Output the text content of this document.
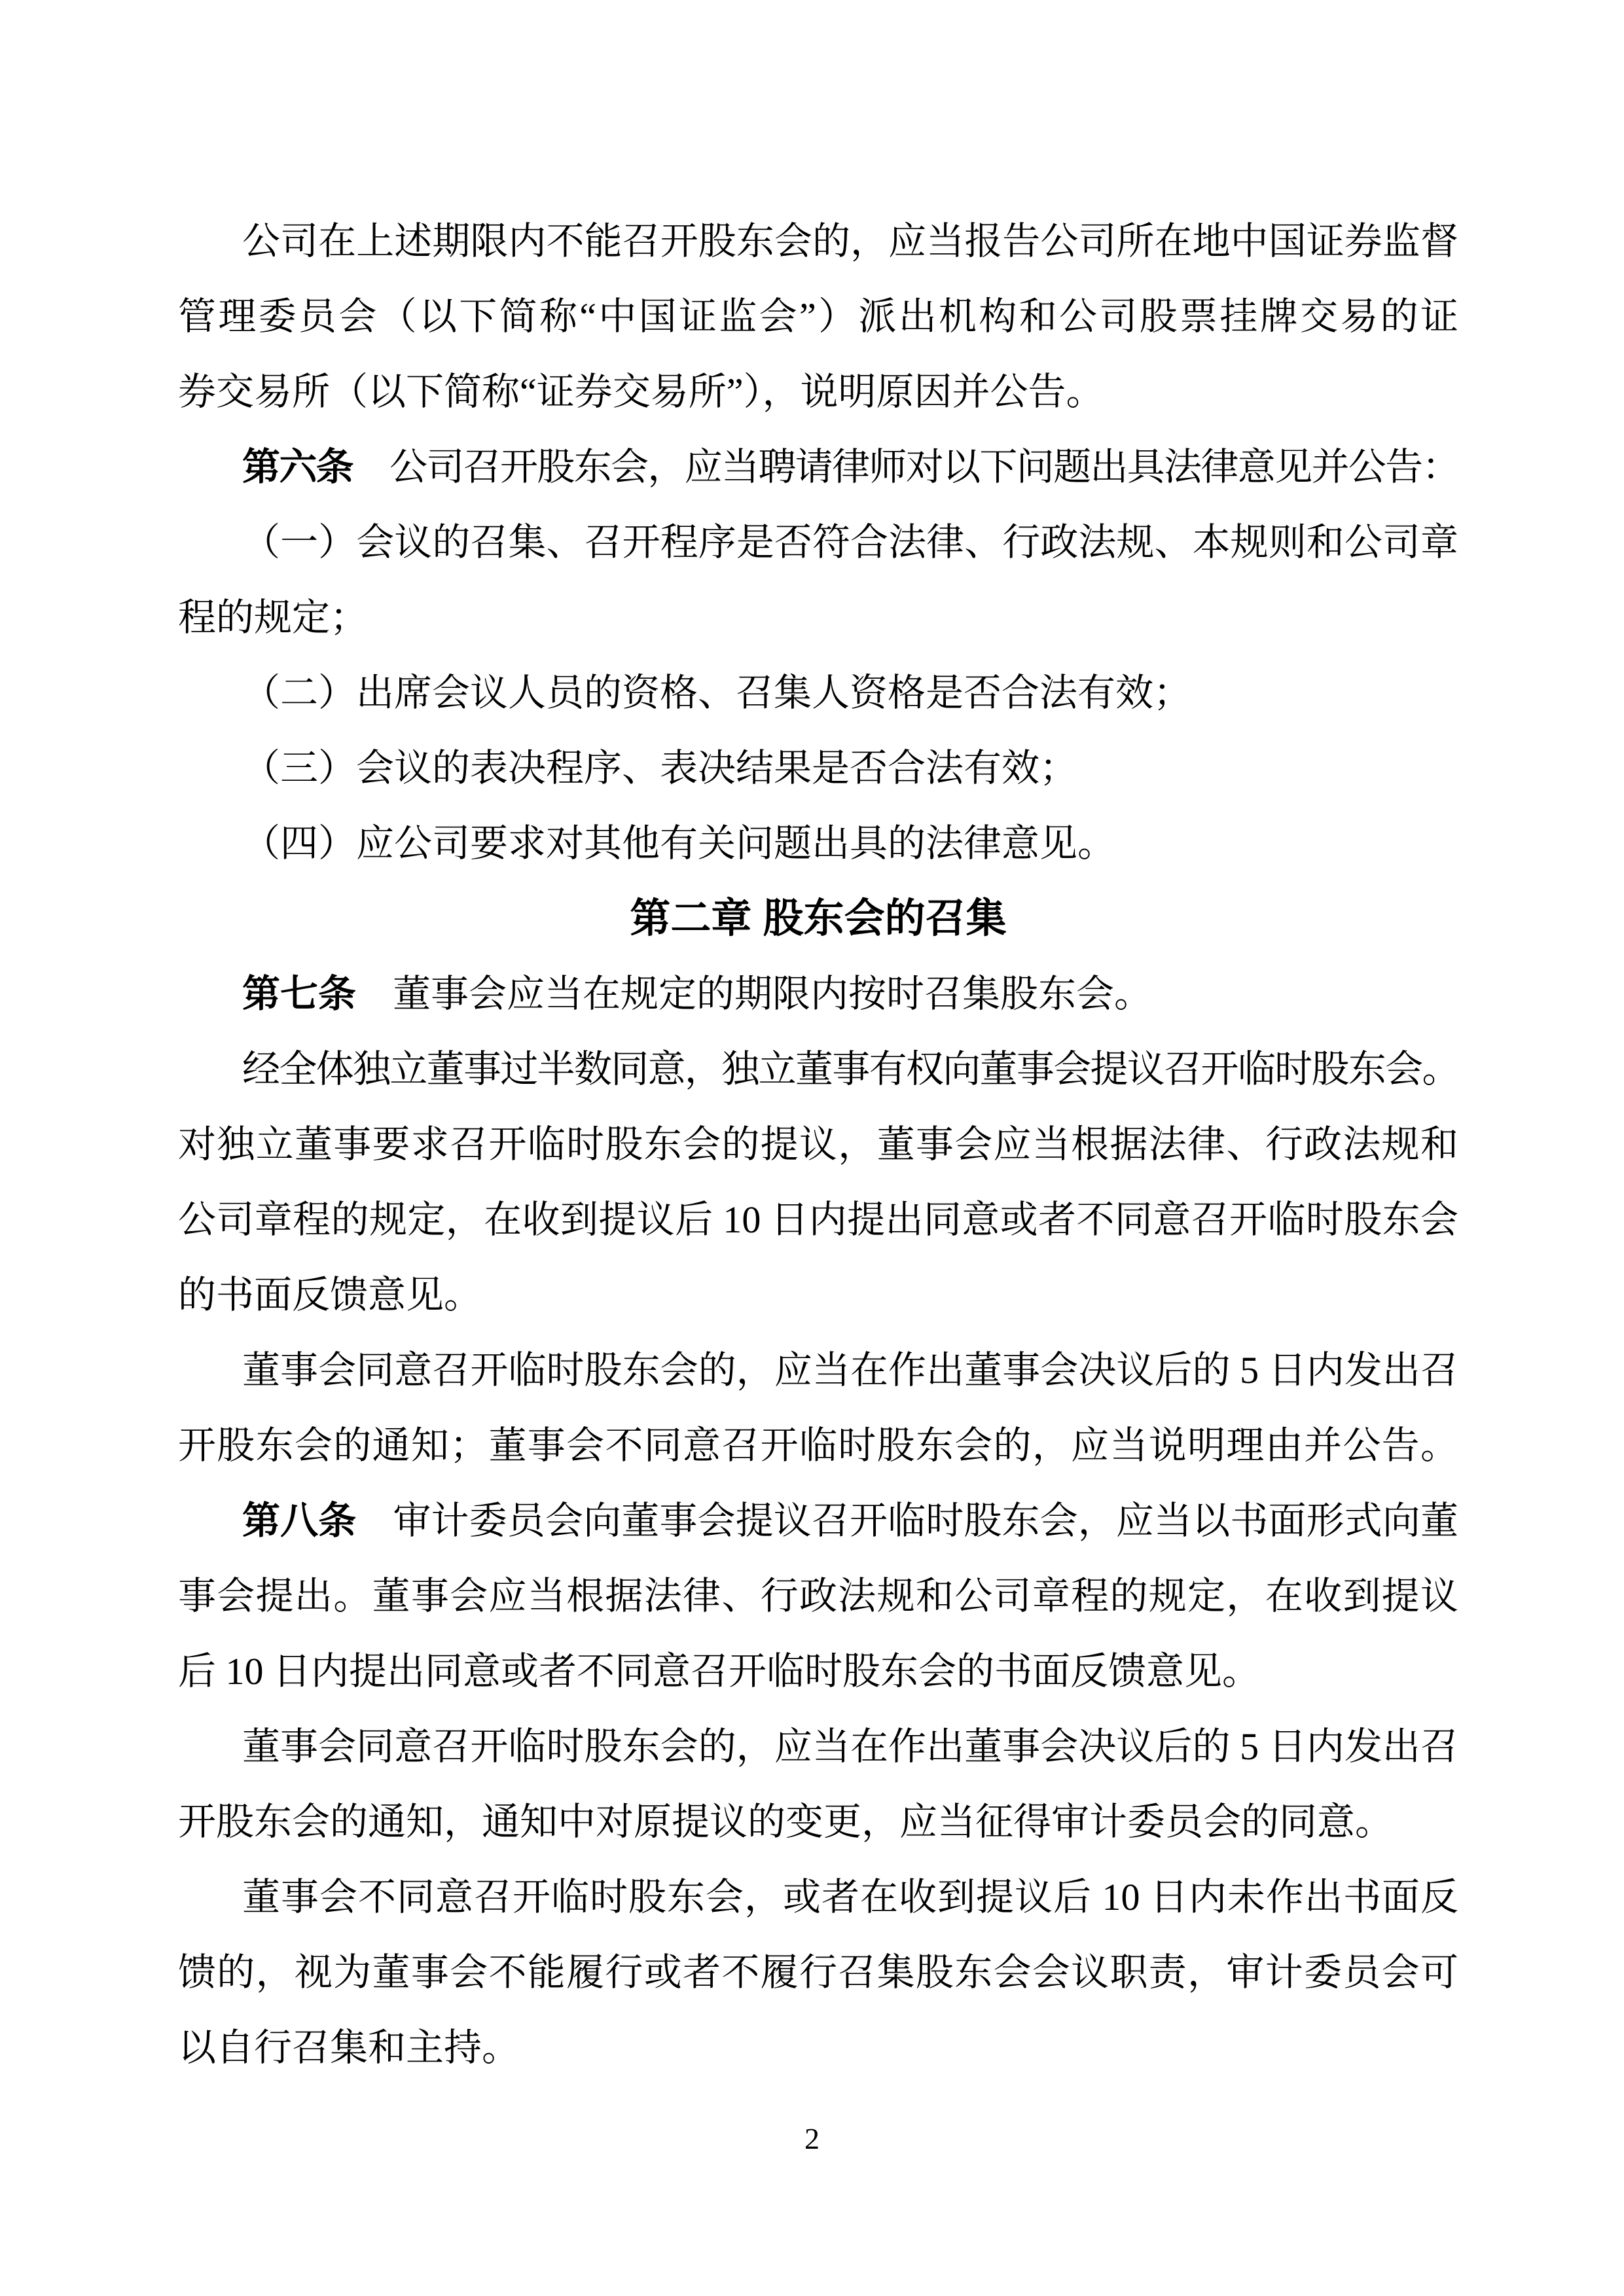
公司在上述期限内不能召开股东会的，应当报告公司所在地中国证券监督
管理委员会（以下简称“中国证监会”）派出机构和公司股票挂牌交易的证
券交易所（以下简称“证券交易所”），说明原因并公告。
第六条 公司召开股东会，应当聘请律师对以下问题出具法律意见并公告：
（一）会议的召集、召开程序是否符合法律、行政法规、本规则和公司章
程的规定；
（二）出席会议人员的资格、召集人资格是否合法有效；
（三）会议的表决程序、表决结果是否合法有效；
（四）应公司要求对其他有关问题出具的法律意见。
第二章 股东会的召集
第七条 董事会应当在规定的期限内按时召集股东会。
经全体独立董事过半数同意，独立董事有权向董事会提议召开临时股东会。
对独立董事要求召开临时股东会的提议，董事会应当根据法律、行政法规和
公司章程的规定，在收到提议后 10 日内提出同意或者不同意召开临时股东会
的书面反馈意见。
董事会同意召开临时股东会的，应当在作出董事会决议后的 5 日内发出召
开股东会的通知；董事会不同意召开临时股东会的，应当说明理由并公告。
第八条 审计委员会向董事会提议召开临时股东会，应当以书面形式向董
事会提出。董事会应当根据法律、行政法规和公司章程的规定，在收到提议
后 10 日内提出同意或者不同意召开临时股东会的书面反馈意见。
董事会同意召开临时股东会的，应当在作出董事会决议后的 5 日内发出召
开股东会的通知，通知中对原提议的变更，应当征得审计委员会的同意。
董事会不同意召开临时股东会，或者在收到提议后 10 日内未作出书面反
馈的，视为董事会不能履行或者不履行召集股东会会议职责，审计委员会可
以自行召集和主持。
2
